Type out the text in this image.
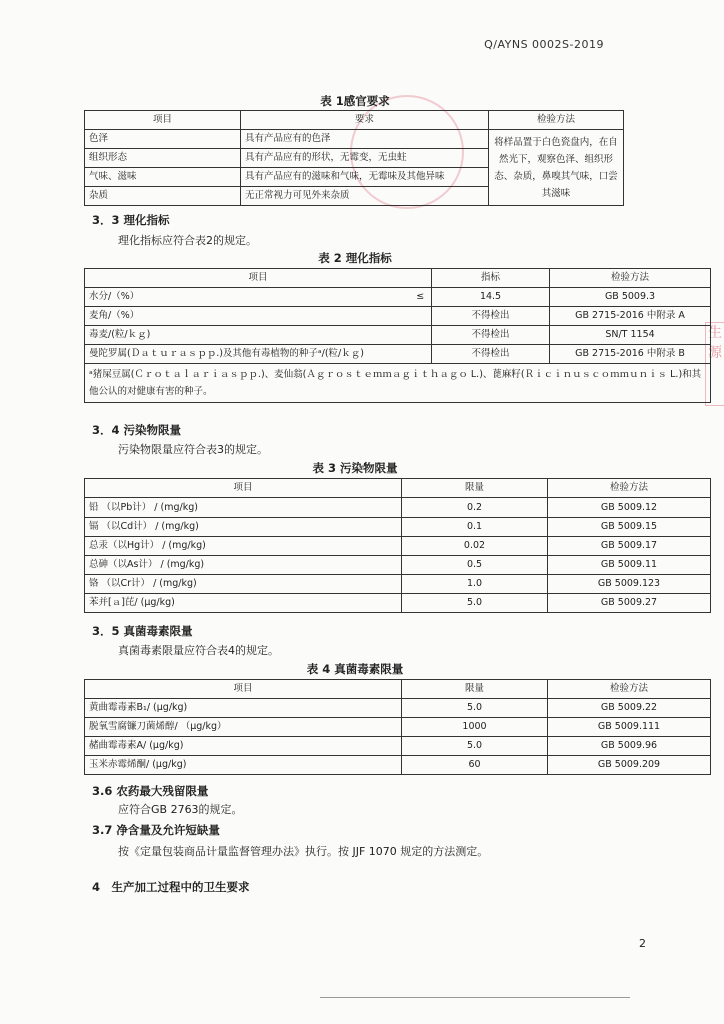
生
源
Q/AYNS 0002S-2019
表 1感官要求
项目	要求	检验方法
色泽	具有产品应有的色泽	将样品置于白色瓷盘内，在自然光下，观察色泽、组织形态、杂质，鼻嗅其气味，口尝其滋味
组织形态	具有产品应有的形状，无霉变，无虫蛀	
气味、滋味	具有产品应有的滋味和气味，无霉味及其他异味	
杂质	无正常视力可见外来杂质	
3．3 理化指标
理化指标应符合表2的规定。
表 2 理化指标
项目		指标	检验方法
水分/（%）	≤	14.5	GB 5009.3
麦角/（%）		不得检出	GB 2715-2016 中附录 A
毒麦/(粒/ｋｇ)		不得检出	SN/T 1154
曼陀罗属(Ｄａｔｕｒａｓｐｐ.)及其他有毒植物的种子ᵃ/(粒/ｋｇ)		不得检出	GB 2715-2016 中附录 B
ᵃ猪屎豆属(Ｃｒｏｔａｌａｒｉａｓｐｐ.)、麦仙翁(Ａｇｒｏｓｔｅｍｍａｇｉｔｈａｇｏ L.)、蓖麻籽(Ｒｉｃｉｎｕｓｃｏｍｍｕｎｉｓ L.)和其他公认的对健康有害的种子。			
3．4 污染物限量
污染物限量应符合表3的规定。
表 3 污染物限量
项目	限量	检验方法
铅 （以Pb计） / (mg/kg)	0.2	GB 5009.12
镉 （以Cd计） / (mg/kg)	0.1	GB 5009.15
总汞（以Hg计） / (mg/kg)	0.02	GB 5009.17
总砷（以As计） / (mg/kg)	0.5	GB 5009.11
铬 （以Cr计） / (mg/kg)	1.0	GB 5009.123
苯并[ａ]芘/ (μg/kg)	5.0	GB 5009.27
3．5 真菌毒素限量
真菌毒素限量应符合表4的规定。
表 4 真菌毒素限量
项目	限量	检验方法
黄曲霉毒素B₁/ (μg/kg)	5.0	GB 5009.22
脱氧雪腐镰刀菌烯醇/ （μg/kg）	1000	GB 5009.111
赭曲霉毒素A/ (μg/kg)	5.0	GB 5009.96
玉米赤霉烯酮/ (μg/kg)	60	GB 5009.209
3.6 农药最大残留限量
应符合GB 2763的规定。
3.7 净含量及允许短缺量
按《定量包装商品计量监督管理办法》执行。按 JJF 1070 规定的方法测定。
4　生产加工过程中的卫生要求
2
